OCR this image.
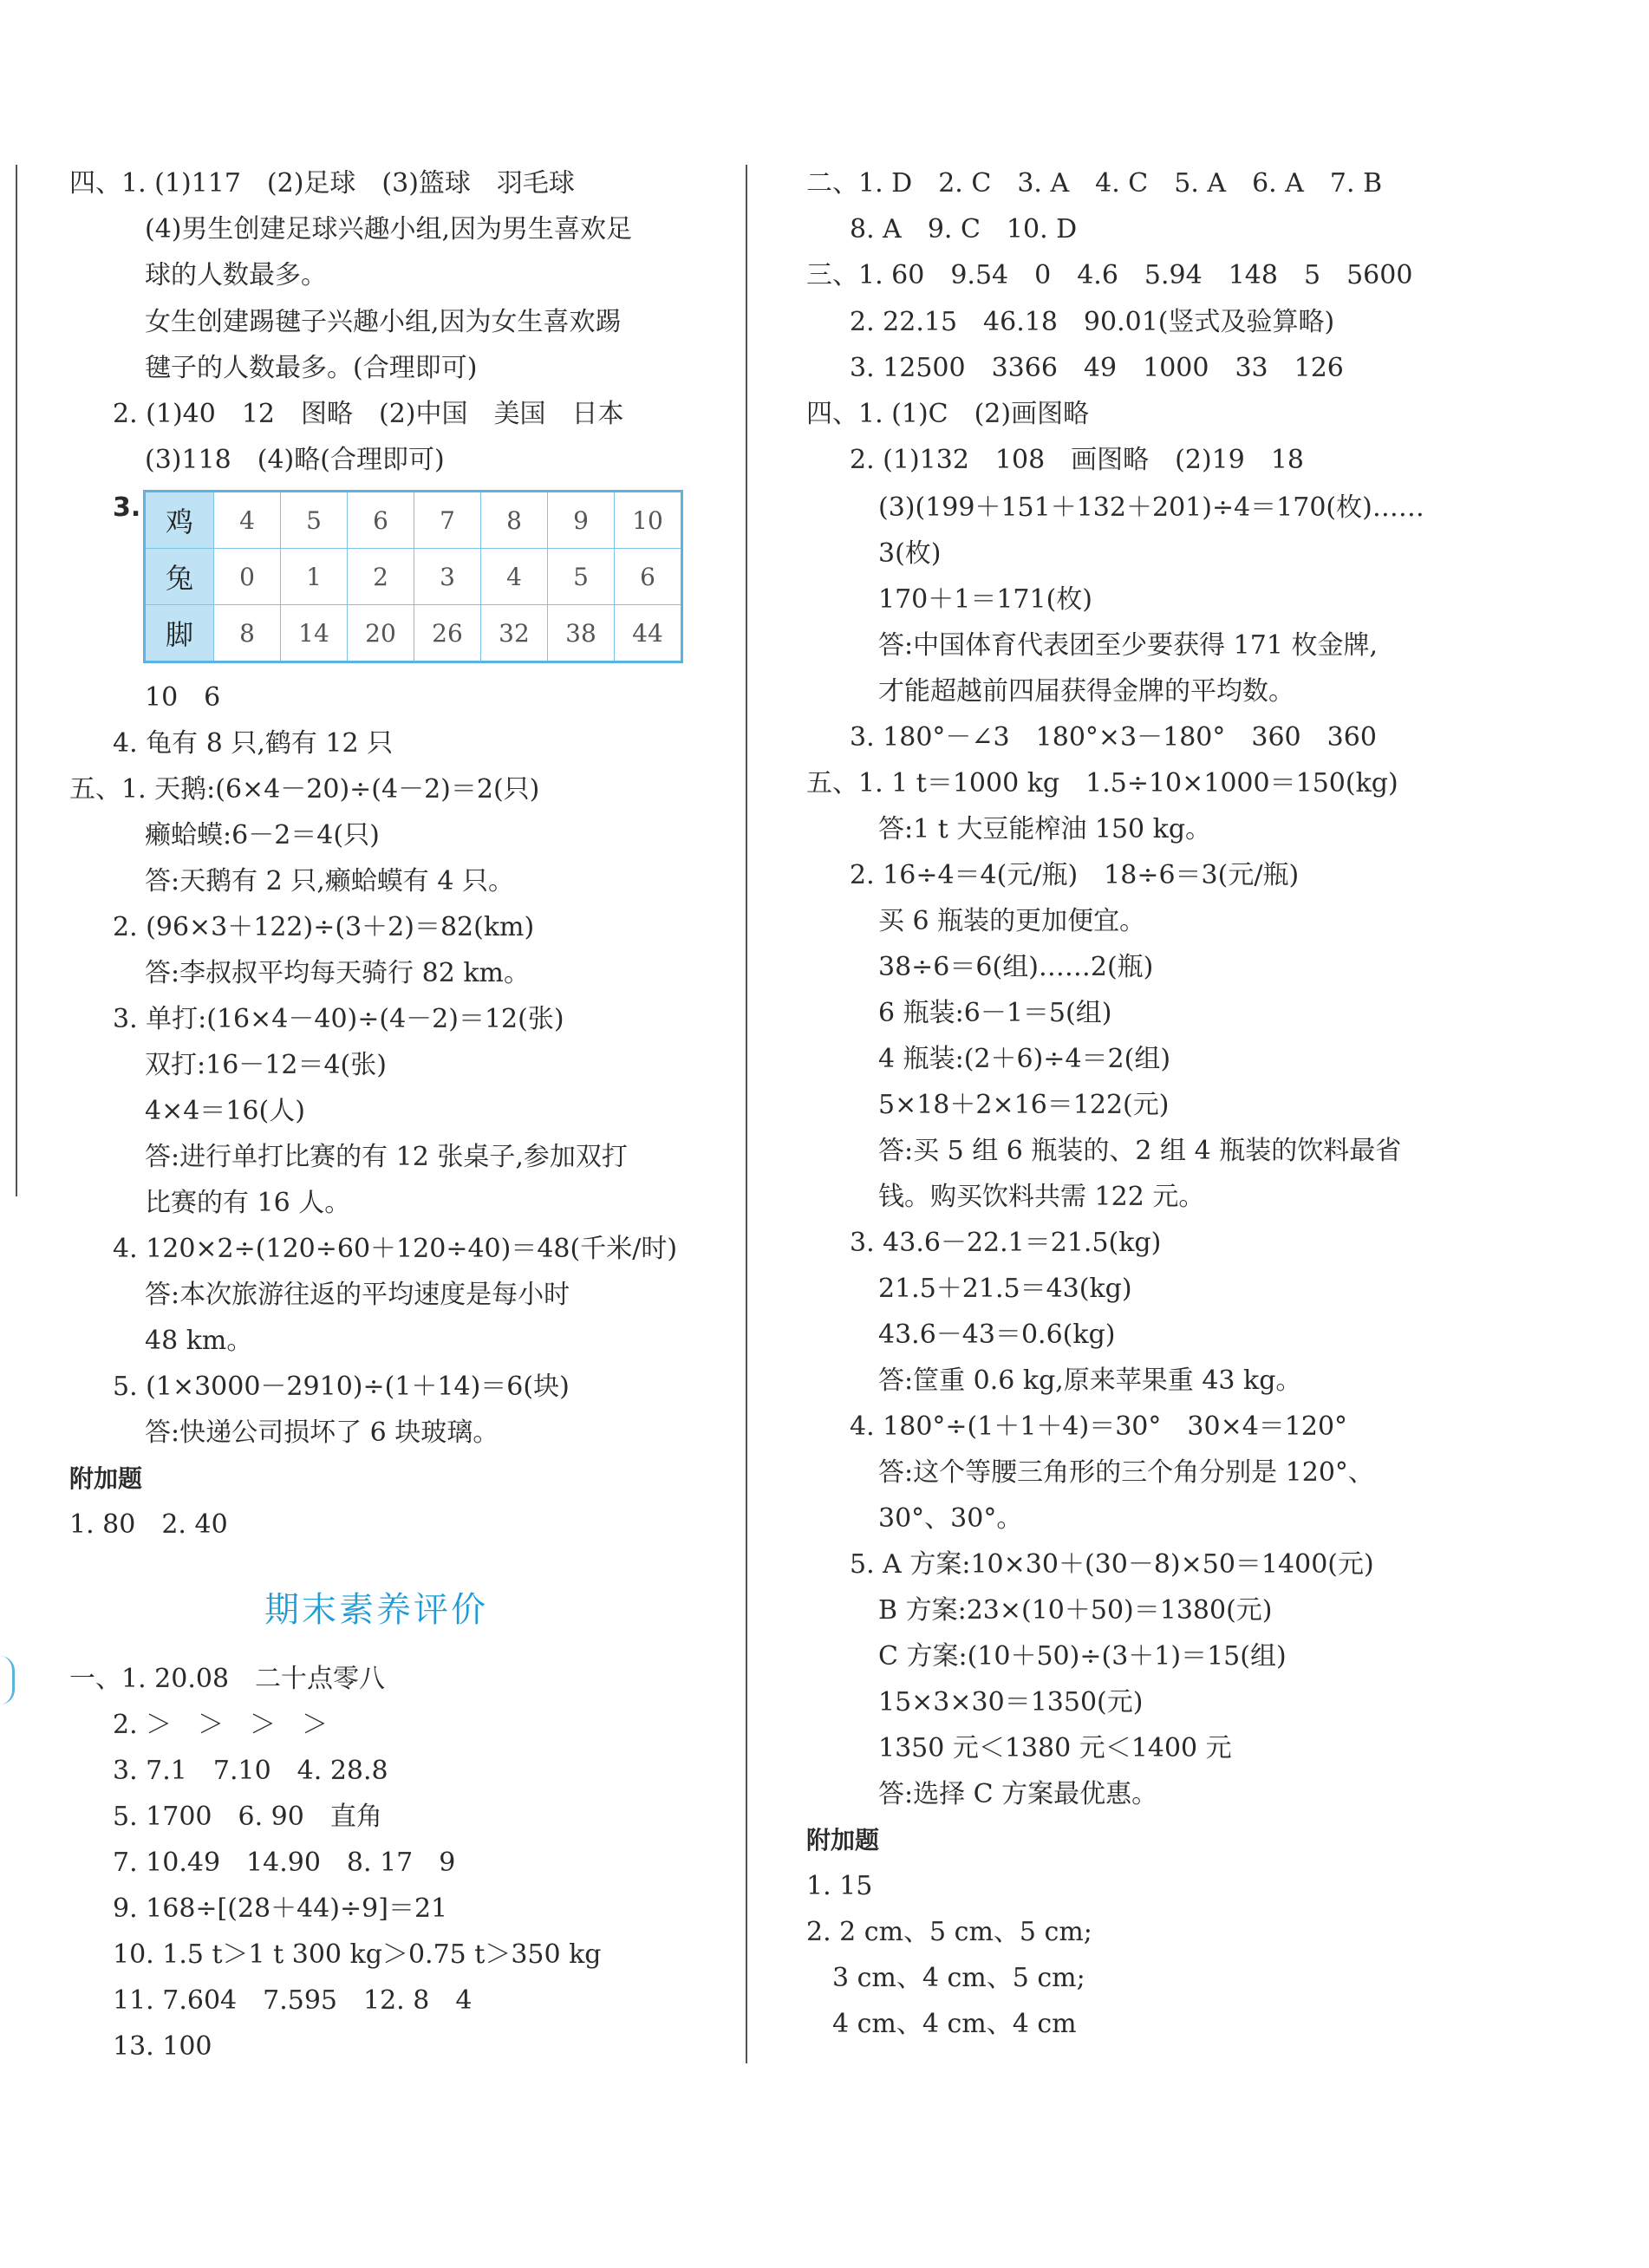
四、1. (1)117　(2)足球　(3)篮球　羽毛球
(4)男生创建足球兴趣小组,因为男生喜欢足
球的人数最多。
女生创建踢毽子兴趣小组,因为女生喜欢踢
毽子的人数最多。(合理即可)
2. (1)40　12　图略　(2)中国　美国　日本
(3)118　(4)略(合理即可)
3. 鸡	4	5	6	7	8	9	10
兔	0	1	2	3	4	5	6
脚	8	14	20	26	32	38	44
10　6
4. 龟有 8 只,鹤有 12 只
五、1. 天鹅:(6×4－20)÷(4－2)＝2(只)
癞蛤蟆:6－2＝4(只)
答:天鹅有 2 只,癞蛤蟆有 4 只。
2. (96×3＋122)÷(3＋2)＝82(km)
答:李叔叔平均每天骑行 82 km。
3. 单打:(16×4－40)÷(4－2)＝12(张)
双打:16－12＝4(张)
4×4＝16(人)
答:进行单打比赛的有 12 张桌子,参加双打
比赛的有 16 人。
4. 120×2÷(120÷60＋120÷40)＝48(千米/时)
答:本次旅游往返的平均速度是每小时
48 km。
5. (1×3000－2910)÷(1＋14)＝6(块)
答:快递公司损坏了 6 块玻璃。
附加题
1. 80　2. 40
期末素养评价
一、1. 20.08　二十点零八
2. ＞　＞　＞　＞
3. 7.1　7.10　4. 28.8
5. 1700　6. 90　直角
7. 10.49　14.90　8. 17　9
9. 168÷[(28＋44)÷9]＝21
10. 1.5 t＞1 t 300 kg＞0.75 t＞350 kg
11. 7.604　7.595　12. 8　4
13. 100
二、1. D　2. C　3. A　4. C　5. A　6. A　7. B
8. A　9. C　10. D
三、1. 60　9.54　0　4.6　5.94　148　5　5600
2. 22.15　46.18　90.01(竖式及验算略)
3. 12500　3366　49　1000　33　126
四、1. (1)C　(2)画图略
2. (1)132　108　画图略　(2)19　18
(3)(199＋151＋132＋201)÷4＝170(枚)……
3(枚)
170＋1＝171(枚)
答:中国体育代表团至少要获得 171 枚金牌,
才能超越前四届获得金牌的平均数。
3. 180°－∠3　180°×3－180°　360　360
五、1. 1 t＝1000 kg　1.5÷10×1000＝150(kg)
答:1 t 大豆能榨油 150 kg。
2. 16÷4＝4(元/瓶)　18÷6＝3(元/瓶)
买 6 瓶装的更加便宜。
38÷6＝6(组)……2(瓶)
6 瓶装:6－1＝5(组)
4 瓶装:(2＋6)÷4＝2(组)
5×18＋2×16＝122(元)
答:买 5 组 6 瓶装的、2 组 4 瓶装的饮料最省
钱。购买饮料共需 122 元。
3. 43.6－22.1＝21.5(kg)
21.5＋21.5＝43(kg)
43.6－43＝0.6(kg)
答:筐重 0.6 kg,原来苹果重 43 kg。
4. 180°÷(1＋1＋4)＝30°　30×4＝120°
答:这个等腰三角形的三个角分别是 120°、
30°、30°。
5. A 方案:10×30＋(30－8)×50＝1400(元)
B 方案:23×(10＋50)＝1380(元)
C 方案:(10＋50)÷(3＋1)＝15(组)
15×3×30＝1350(元)
1350 元＜1380 元＜1400 元
答:选择 C 方案最优惠。
附加题
1. 15
2. 2 cm、5 cm、5 cm;
3 cm、4 cm、5 cm;
4 cm、4 cm、4 cm
